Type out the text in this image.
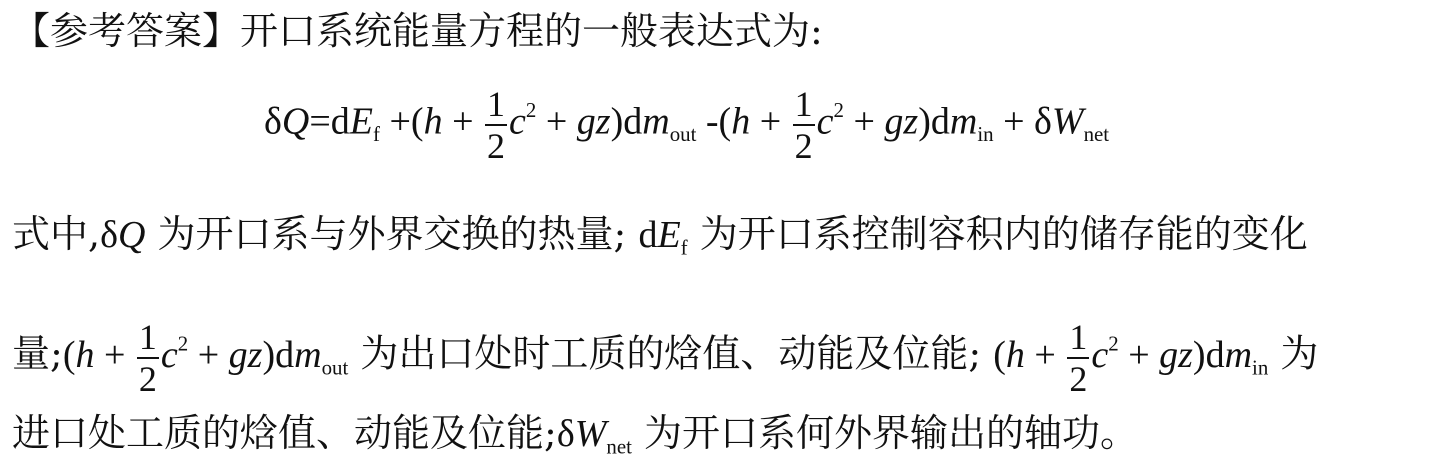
【参考答案】开口系统能量方程的一般表达式为:
$\delta Q=dE_f +(h + \frac{1}{2} c^2 + gz)dm_{out}$ $-(h + \frac{1}{2} c^2 + gz)dm_{in} + \delta W_{net}$
式中,δQ 为开口系与外界交换的热量; $dE_f$ 为开口系控制容积内的储存能的变化
量;(h + $\frac{1}{2} c^2 + gz)dm_{out}$ 为出口处时工质的焓值、动能及位能; $(h + \frac{1}{2} c^2 + gz)dm_{in}$ 为
进口处工质的焓值、动能及位能$;\delta W_{net}$ 为开口系何外界输出的轴功。
